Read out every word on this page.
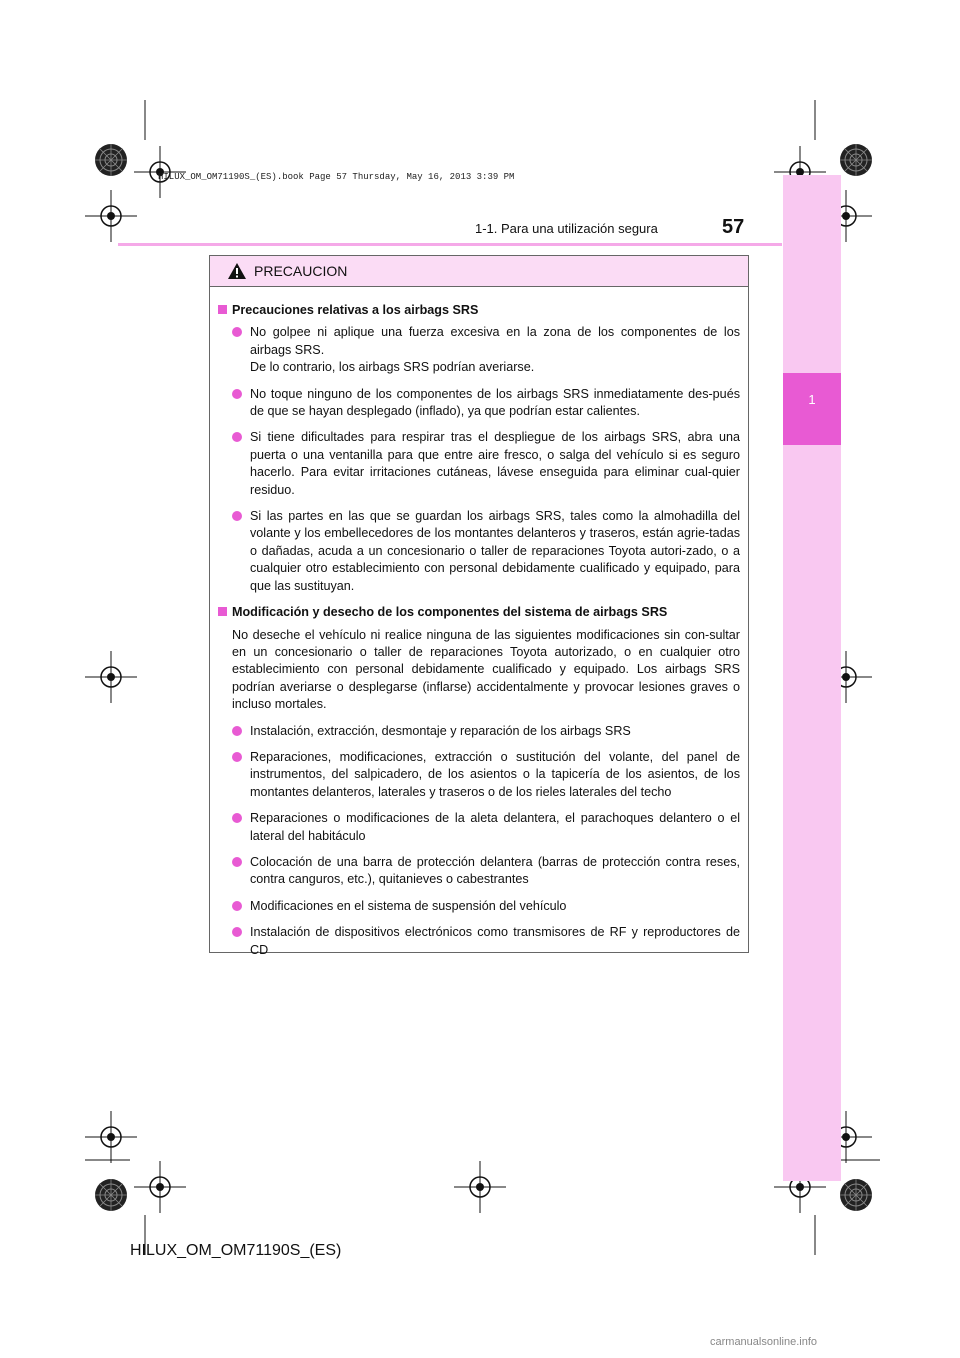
HILUX_OM_OM71190S_(ES).book Page 57 Thursday, May 16, 2013 3:39 PM
1
1-1. Para una utilización segura	57
PRECAUCION
Precauciones relativas a los airbags SRS
No golpee ni aplique una fuerza excesiva en la zona de los componentes de los airbags SRS.
De lo contrario, los airbags SRS podrían averiarse.
No toque ninguno de los componentes de los airbags SRS inmediatamente des-pués de que se hayan desplegado (inflado), ya que podrían estar calientes.
Si tiene dificultades para respirar tras el despliegue de los airbags SRS, abra una puerta o una ventanilla para que entre aire fresco, o salga del vehículo si es seguro hacerlo. Para evitar irritaciones cutáneas, lávese enseguida para eliminar cual-quier residuo.
Si las partes en las que se guardan los airbags SRS, tales como la almohadilla del volante y los embellecedores de los montantes delanteros y traseros, están agrie-tadas o dañadas, acuda a un concesionario o taller de reparaciones Toyota autori-zado, o a cualquier otro establecimiento con personal debidamente cualificado y equipado, para que las sustituyan.
Modificación y desecho de los componentes del sistema de airbags SRS
No deseche el vehículo ni realice ninguna de las siguientes modificaciones sin con-sultar en un concesionario o taller de reparaciones Toyota autorizado, o en cualquier otro establecimiento con personal debidamente cualificado y equipado. Los airbags SRS podrían averiarse o desplegarse (inflarse) accidentalmente y provocar lesiones graves o incluso mortales.
Instalación, extracción, desmontaje y reparación de los airbags SRS
Reparaciones, modificaciones, extracción o sustitución del volante, del panel de instrumentos, del salpicadero, de los asientos o la tapicería de los asientos, de los montantes delanteros, laterales y traseros o de los rieles laterales del techo
Reparaciones o modificaciones de la aleta delantera, el parachoques delantero o el lateral del habitáculo
Colocación de una barra de protección delantera (barras de protección contra reses, contra canguros, etc.), quitanieves o cabestrantes
Modificaciones en el sistema de suspensión del vehículo
Instalación de dispositivos electrónicos como transmisores de RF y reproductores de CD
HILUX_OM_OM71190S_(ES)
carmanualsonline.info
